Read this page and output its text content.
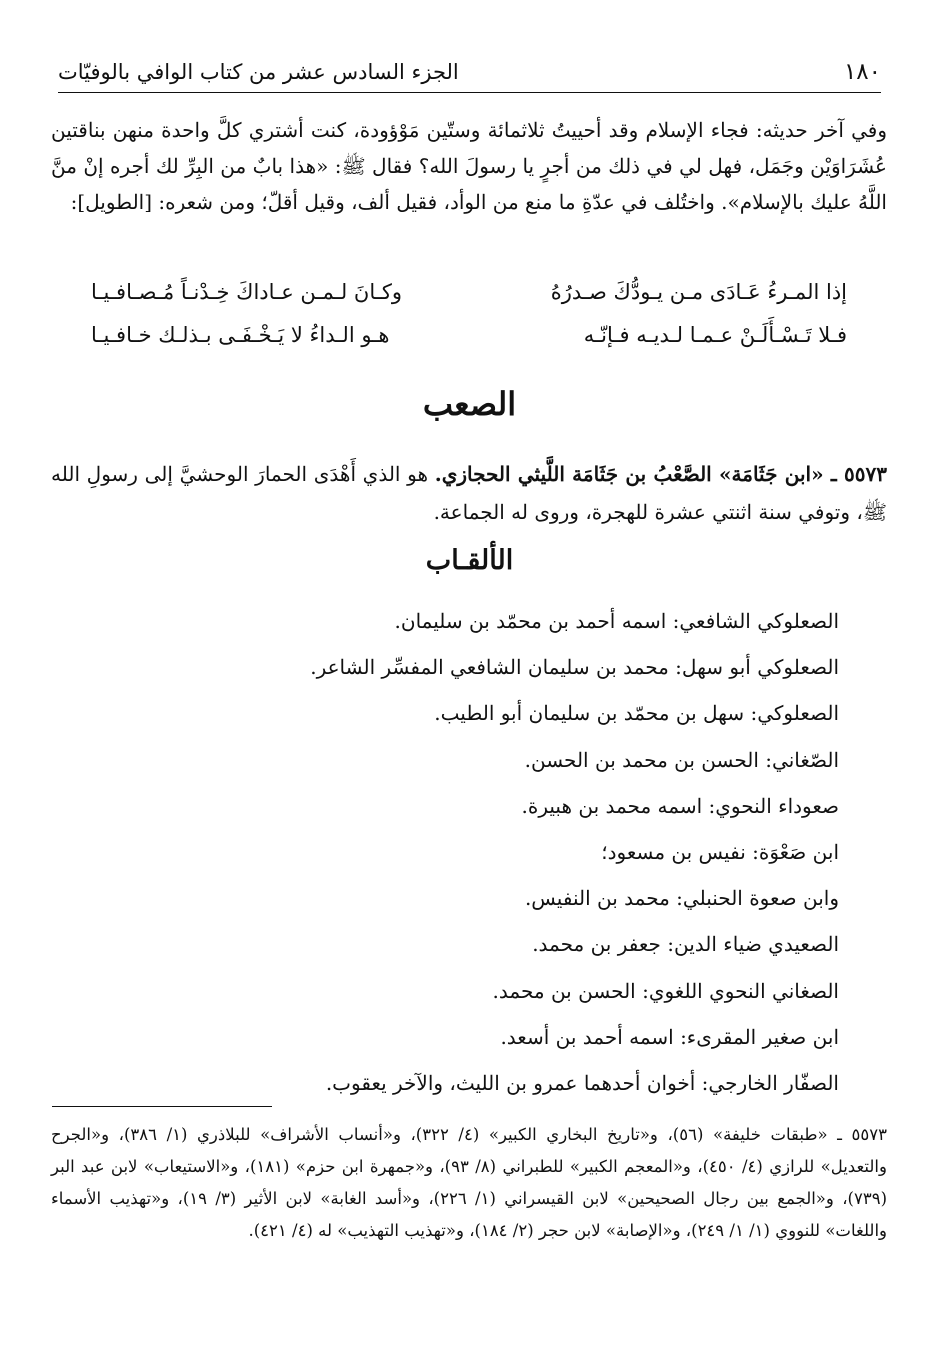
١٨٠
الجزء السادس عشر من كتاب الوافي بالوفيّات

وفي آخر حديثه: فجاء الإسلام وقد أحييتُ ثلاثمائة وستّين مَوْؤودة، كنت أشتري كلَّ واحدة منهن بناقتين عُشَرَاوَيْن وجَمَل، فهل لي في ذلك من أجرٍ يا رسولَ الله؟ فقال ﷺ: «هذا بابٌ من البِرِّ لك أجره إنْ منَّ اللَّهُ عليك بالإسلام». واختُلف في عدّةِ ما منع من الوأد، فقيل ألف، وقيل أقلّ؛ ومن شعره: [الطويل]:

إذا المـرءُ عَـادَى مـن يـودُّكَ صـدرُهُ
وكـانَ لـمـن عـاداكَ خِـدْنـاً مُـصـافـيـا
فـلا تَـسْـأَلَـنْ عـمـا لـديـه فـإنّـه
هـو الـداءُ لا يَـخْـفَـى بـذلـك خـافـيـا
الصعب

٥٥٧٣ ـ «ابن جَثَامَة» الصَّعْبُ بن جَثَامَة اللَّيثي الحجازي. هو الذي أَهْدَى الحمارَ الوحشيَّ إلى رسولِ الله ﷺ، وتوفي سنة اثنتي عشرة للهجرة، وروى له الجماعة.

الألقـاب
الصعلوكي الشافعي: اسمه أحمد بن محمّد بن سليمان.
الصعلوكي أبو سهل: محمد بن سليمان الشافعي المفسِّر الشاعر.
الصعلوكي: سهل بن محمّد بن سليمان أبو الطيب.
الصّغاني: الحسن بن محمد بن الحسن.
صعوداء النحوي: اسمه محمد بن هبيرة.
ابن صَعْوَة: نفيس بن مسعود؛
وابن صعوة الحنبلي: محمد بن النفيس.
الصعيدي ضياء الدين: جعفر بن محمد.
الصغاني النحوي اللغوي: الحسن بن محمد.
ابن صغير المقرىء: اسمه أحمد بن أسعد.
الصفّار الخارجي: أخوان أحدهما عمرو بن الليث، والآخر يعقوب.

٥٥٧٣ ـ «طبقات خليفة» (٥٦)، و«تاريخ البخاري الكبير» (٤/ ٣٢٢)، و«أنساب الأشراف» للبلاذري (١/ ٣٨٦)، و«الجرح والتعديل» للرازي (٤/ ٤٥٠)، و«المعجم الكبير» للطبراني (٨/ ٩٣)، و«جمهرة ابن حزم» (١٨١)، و«الاستيعاب» لابن عبد البر (٧٣٩)، و«الجمع بين رجال الصحيحين» لابن القيسراني (١/ ٢٢٦)، و«أسد الغابة» لابن الأثير (٣/ ١٩)، و«تهذيب الأسماء واللغات» للنووي (١/ ١/ ٢٤٩)، و«الإصابة» لابن حجر (٢/ ١٨٤)، و«تهذيب التهذيب» له (٤/ ٤٢١).
